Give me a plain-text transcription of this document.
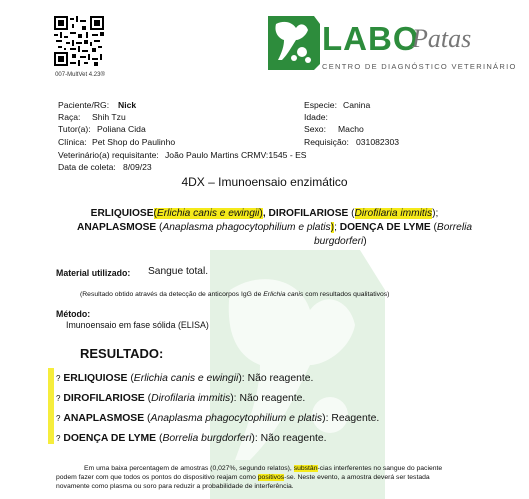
007-MultVet 4.23®
LABO
Patas
CENTRO DE DIAGNÓSTICO VETERINÁRIO
Paciente/RG: Nick
Raça: Shih Tzu
Tutor(a): Poliana Cida
Clínica: Pet Shop do Paulinho
Veterinário(a) requisitante: João Paulo Martins CRMV:1545 - ES
Data de coleta: 8/09/23
Especie: Canina
Idade:
Sexo: Macho
Requisição: 031082303
4DX – Imunoensaio enzimático
ERLIQUIOSE(Erlichia canis e ewingii), DIROFILARIOSE (Dirofilaria immitis);
ANAPLASMOSE (Anaplasma phagocytophilium e platis); DOENÇA DE LYME (Borrelia
burgdorferi)
Material utilizado: Sangue total.
(Resultado obtido através da detecção de anticorpos IgG de Erlichia canis com resultados qualitativos)
Método:
Imunoensaio em fase sólida (ELISA)
RESULTADO:
? ERLIQUIOSE (Erlichia canis e ewingii): Não reagente.
? DIROFILARIOSE (Dirofilaria immitis): Não reagente.
? ANAPLASMOSE (Anaplasma phagocytophilium e platis): Reagente.
? DOENÇA DE LYME (Borrelia burgdorferi): Não reagente.
Em uma baixa percentagem de amostras (0,027%, segundo relatos), substân-cias interferentes no sangue do paciente
podem fazer com que todos os pontos do dispositivo reajam como positivos-se. Neste evento, a amostra deverá ser testada
novamente como plasma ou soro para reduzir a probabilidade de interferência.
